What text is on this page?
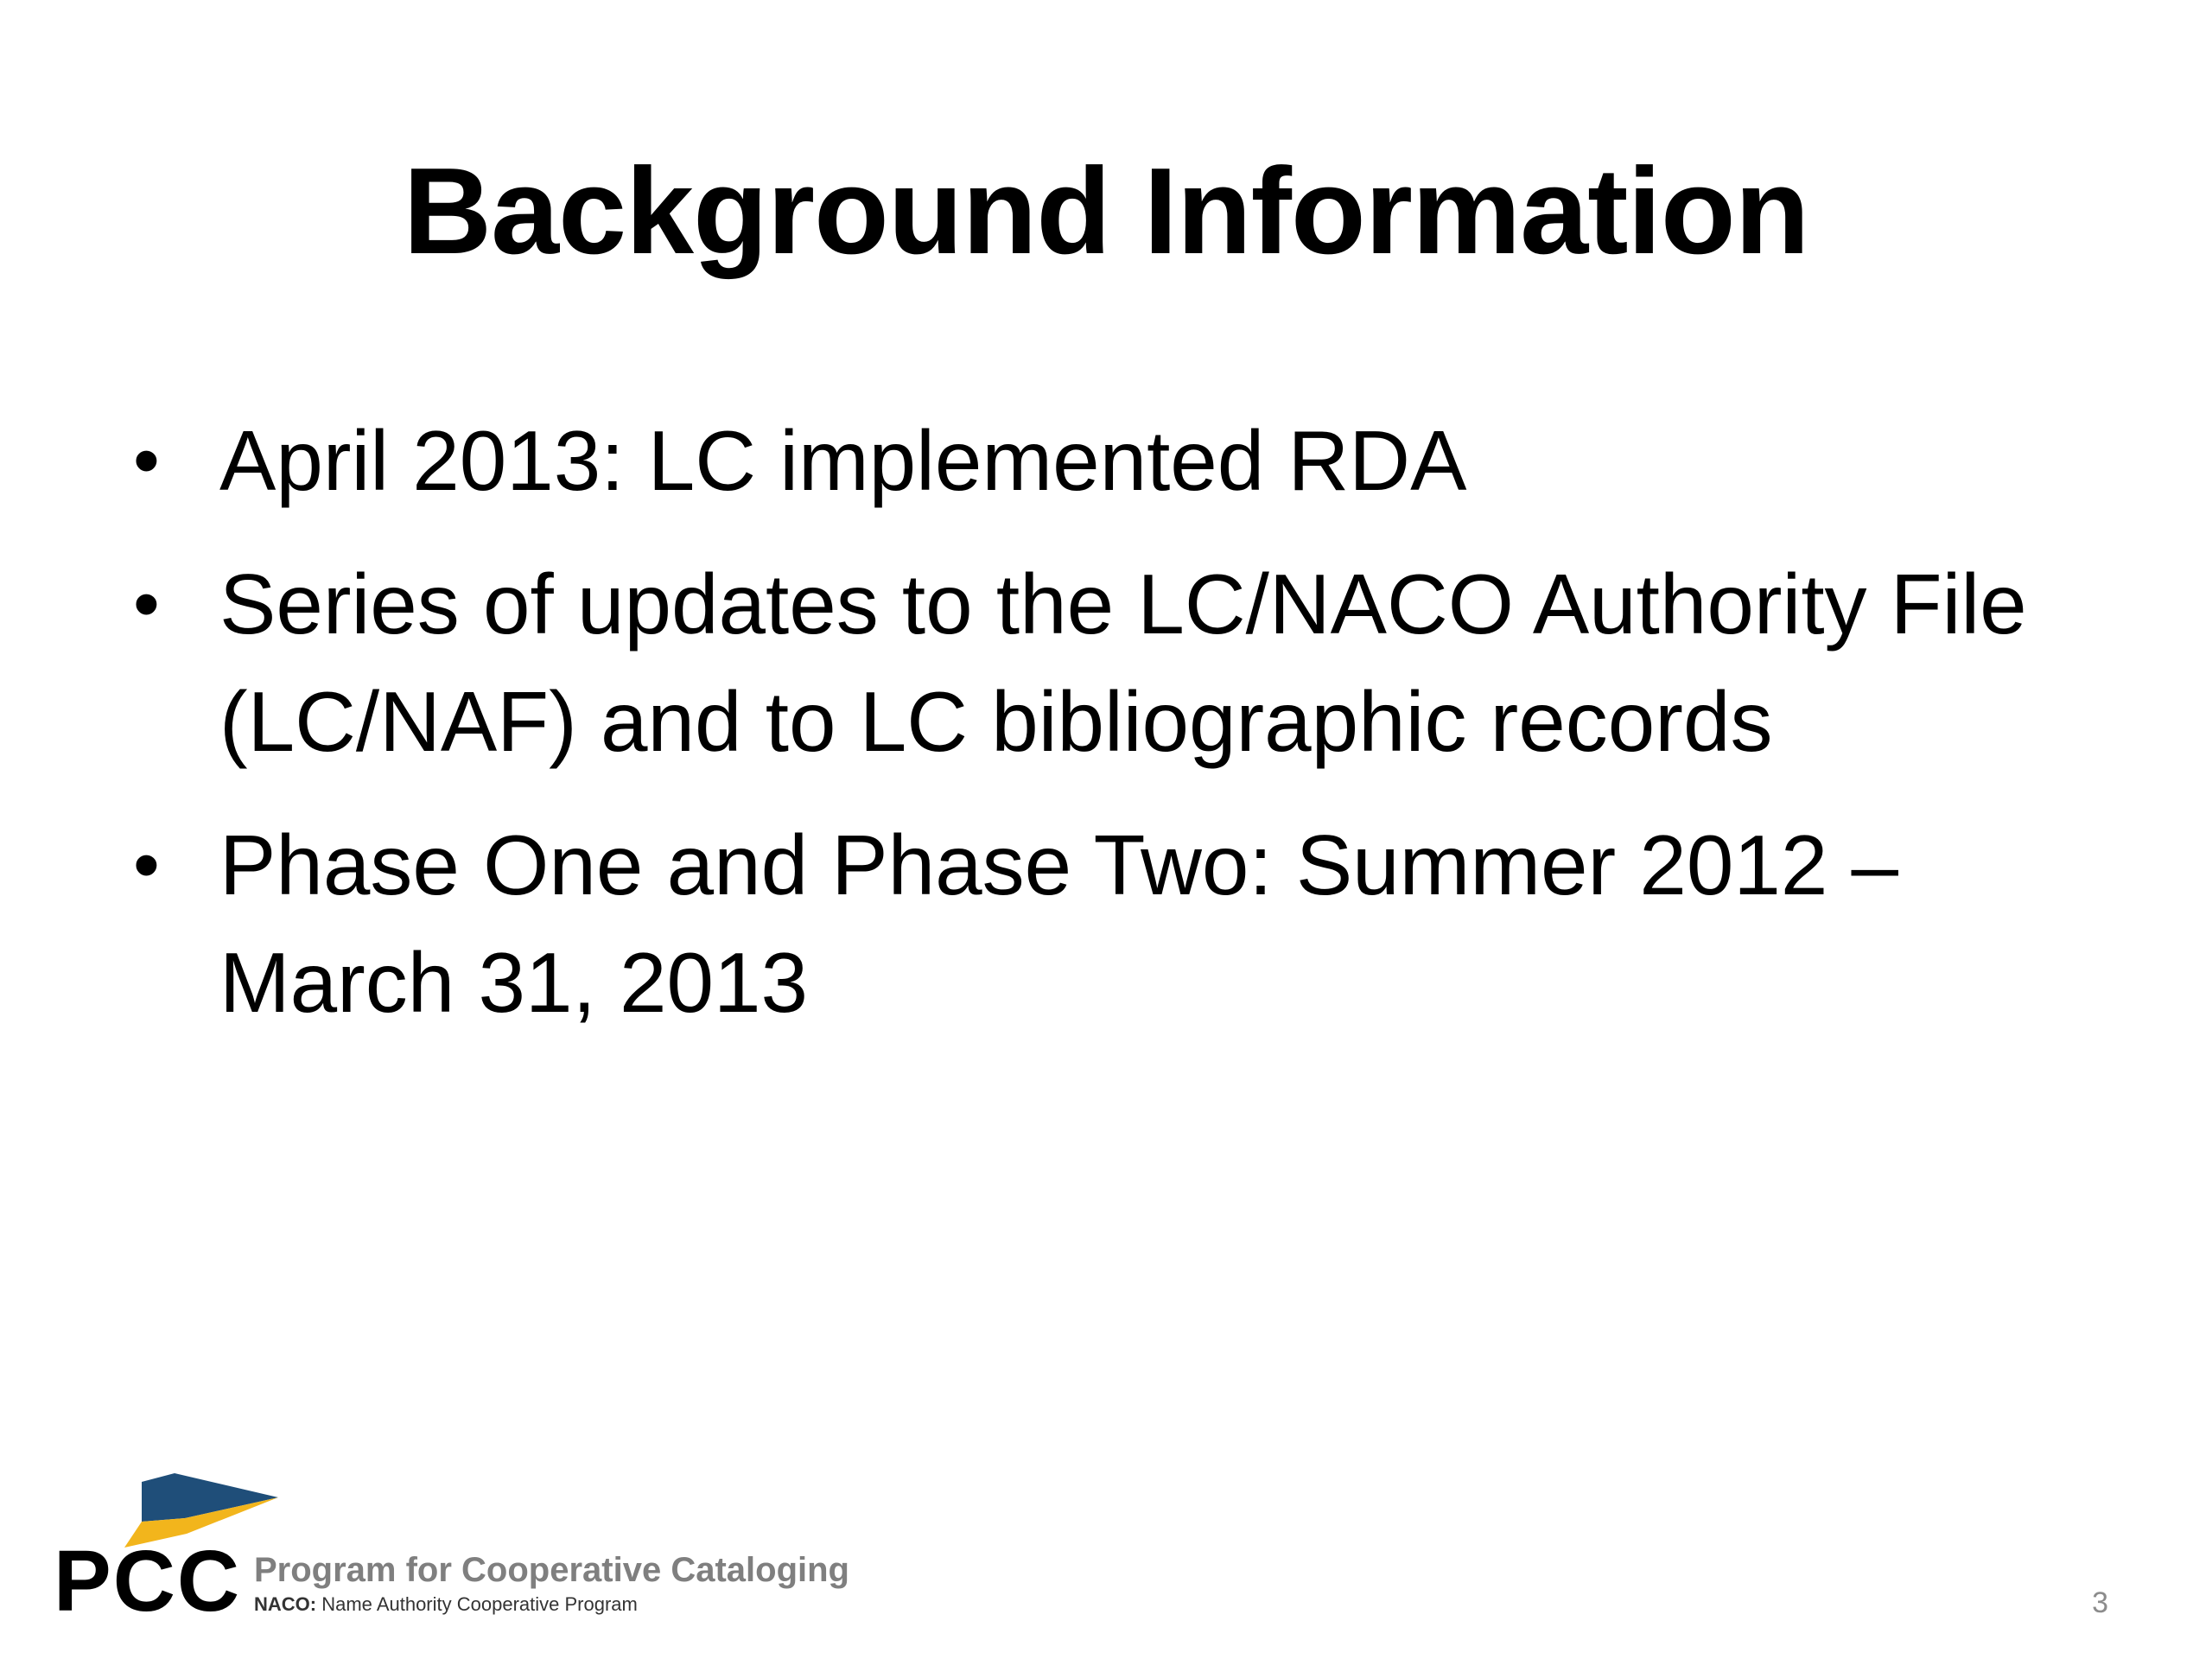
Background Information
• April 2013: LC implemented RDA
• Series of updates to the LC/NACO Authority File (LC/NAF) and to LC bibliographic records
• Phase One and Phase Two: Summer 2012 – March 31, 2013
PCC Program for Cooperative Cataloging
NACO: Name Authority Cooperative Program	3
